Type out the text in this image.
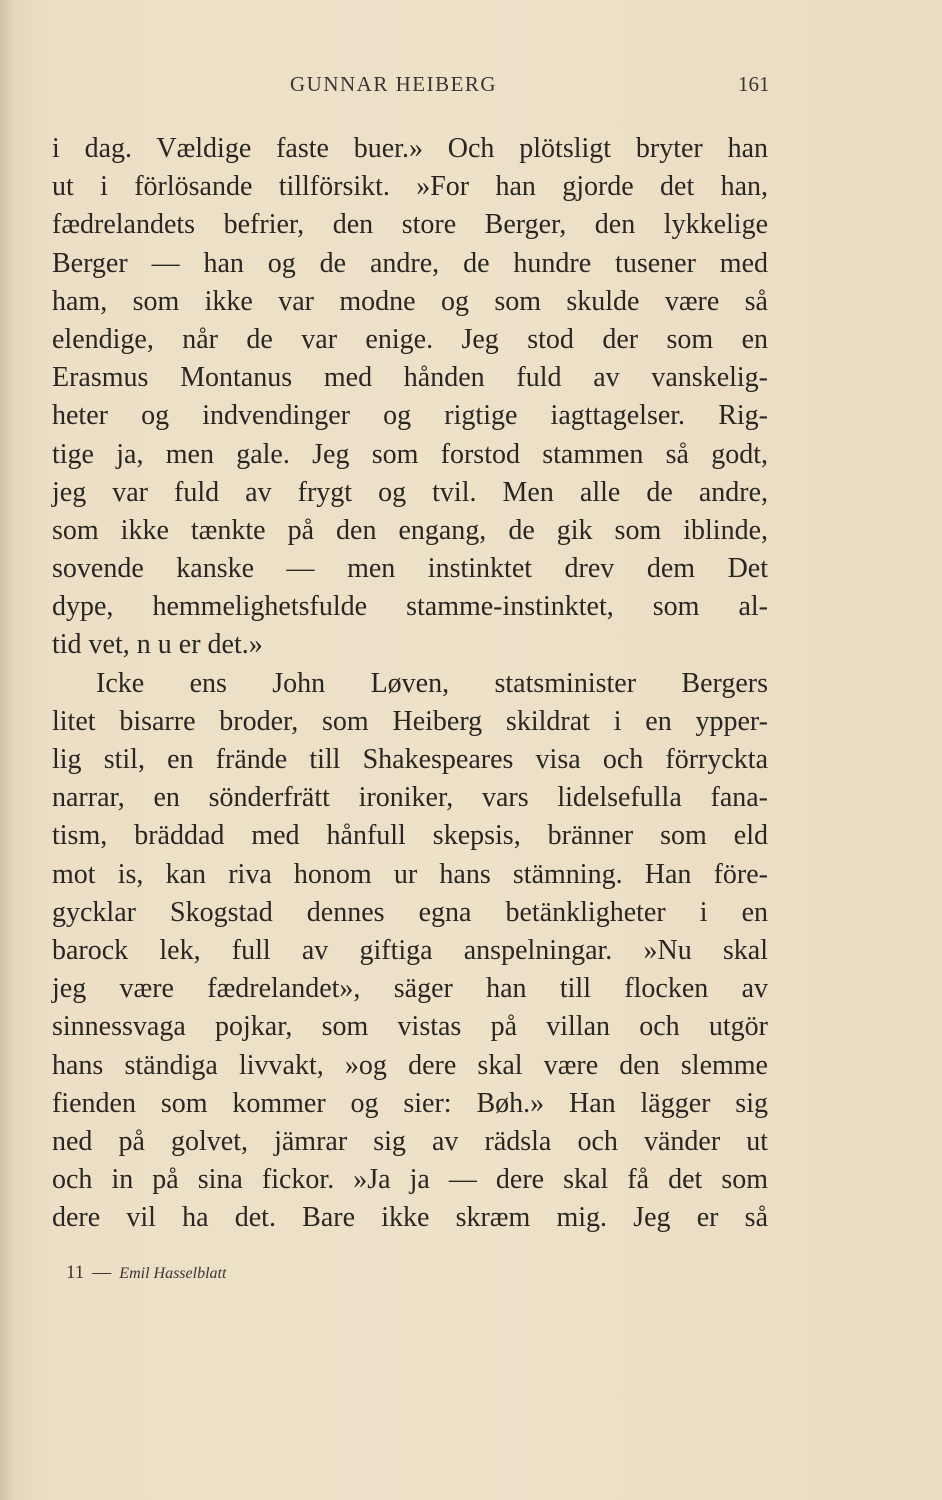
GUNNAR HEIBERG	161
i dag. Vældige faste buer.» Och plötsligt bryter han
ut i förlösande tillförsikt. »For han gjorde det han,
fædrelandets befrier, den store Berger, den lykkelige
Berger — han og de andre, de hundre tusener med
ham, som ikke var modne og som skulde være så
elendige, når de var enige. Jeg stod der som en
Erasmus Montanus med hånden fuld av vanskelig-
heter og indvendinger og rigtige iagttagelser. Rig-
tige ja, men gale. Jeg som forstod stammen så godt,
jeg var fuld av frygt og tvil. Men alle de andre,
som ikke tænkte på den engang, de gik som iblinde,
sovende kanske — men instinktet drev dem Det
dype, hemmelighetsfulde stamme-instinktet, som al-
tid vet, n u er det.»
Icke ens John Løven, statsminister Bergers
litet bisarre broder, som Heiberg skildrat i en ypper-
lig stil, en frände till Shakespeares visa och förryckta
narrar, en sönderfrätt ironiker, vars lidelsefulla fana-
tism, bräddad med hånfull skepsis, bränner som eld
mot is, kan riva honom ur hans stämning. Han före-
gycklar Skogstad dennes egna betänkligheter i en
barock lek, full av giftiga anspelningar. »Nu skal
jeg være fædrelandet», säger han till flocken av
sinnessvaga pojkar, som vistas på villan och utgör
hans ständiga livvakt, »og dere skal være den slemme
fienden som kommer og sier: Bøh.» Han lägger sig
ned på golvet, jämrar sig av rädsla och vänder ut
och in på sina fickor. »Ja ja — dere skal få det som
dere vil ha det. Bare ikke skræm mig. Jeg er så
11 — Emil Hasselblatt
